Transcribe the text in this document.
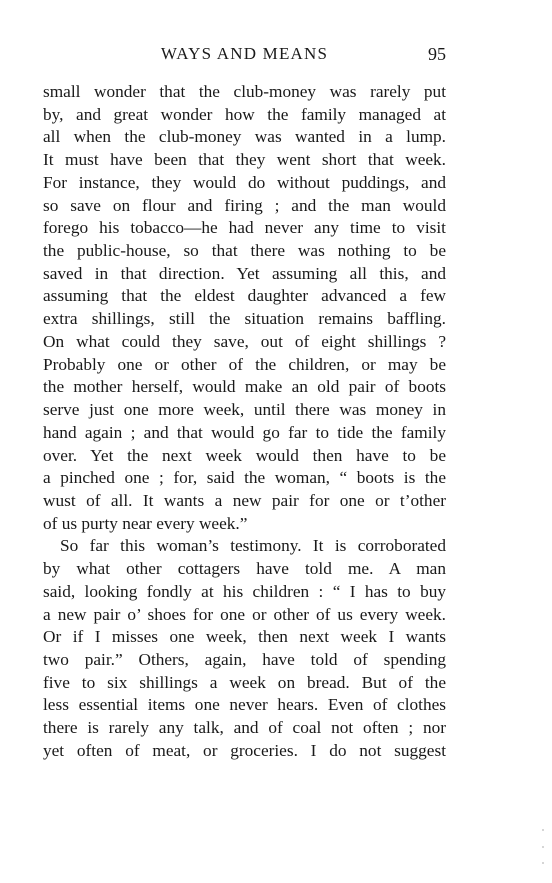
WAYS AND MEANS	95
small wonder that the club-money was rarely put
by, and great wonder how the family managed at
all when the club-money was wanted in a lump.
It must have been that they went short that week.
For instance, they would do without puddings, and
so save on flour and firing ; and the man would
forego his tobacco—he had never any time to visit
the public-house, so that there was nothing to be
saved in that direction. Yet assuming all this, and
assuming that the eldest daughter advanced a few
extra shillings, still the situation remains baffling.
On what could they save, out of eight shillings ?
Probably one or other of the children, or may be
the mother herself, would make an old pair of boots
serve just one more week, until there was money in
hand again ; and that would go far to tide the family
over. Yet the next week would then have to be
a pinched one ; for, said the woman, “ boots is the
wust of all. It wants a new pair for one or t’other
of us purty near every week.”
So far this woman’s testimony. It is corroborated
by what other cottagers have told me. A man
said, looking fondly at his children : “ I has to buy
a new pair o’ shoes for one or other of us every week.
Or if I misses one week, then next week I wants
two pair.” Others, again, have told of spending
five to six shillings a week on bread. But of the
less essential items one never hears. Even of clothes
there is rarely any talk, and of coal not often ; nor
yet often of meat, or groceries. I do not suggest
